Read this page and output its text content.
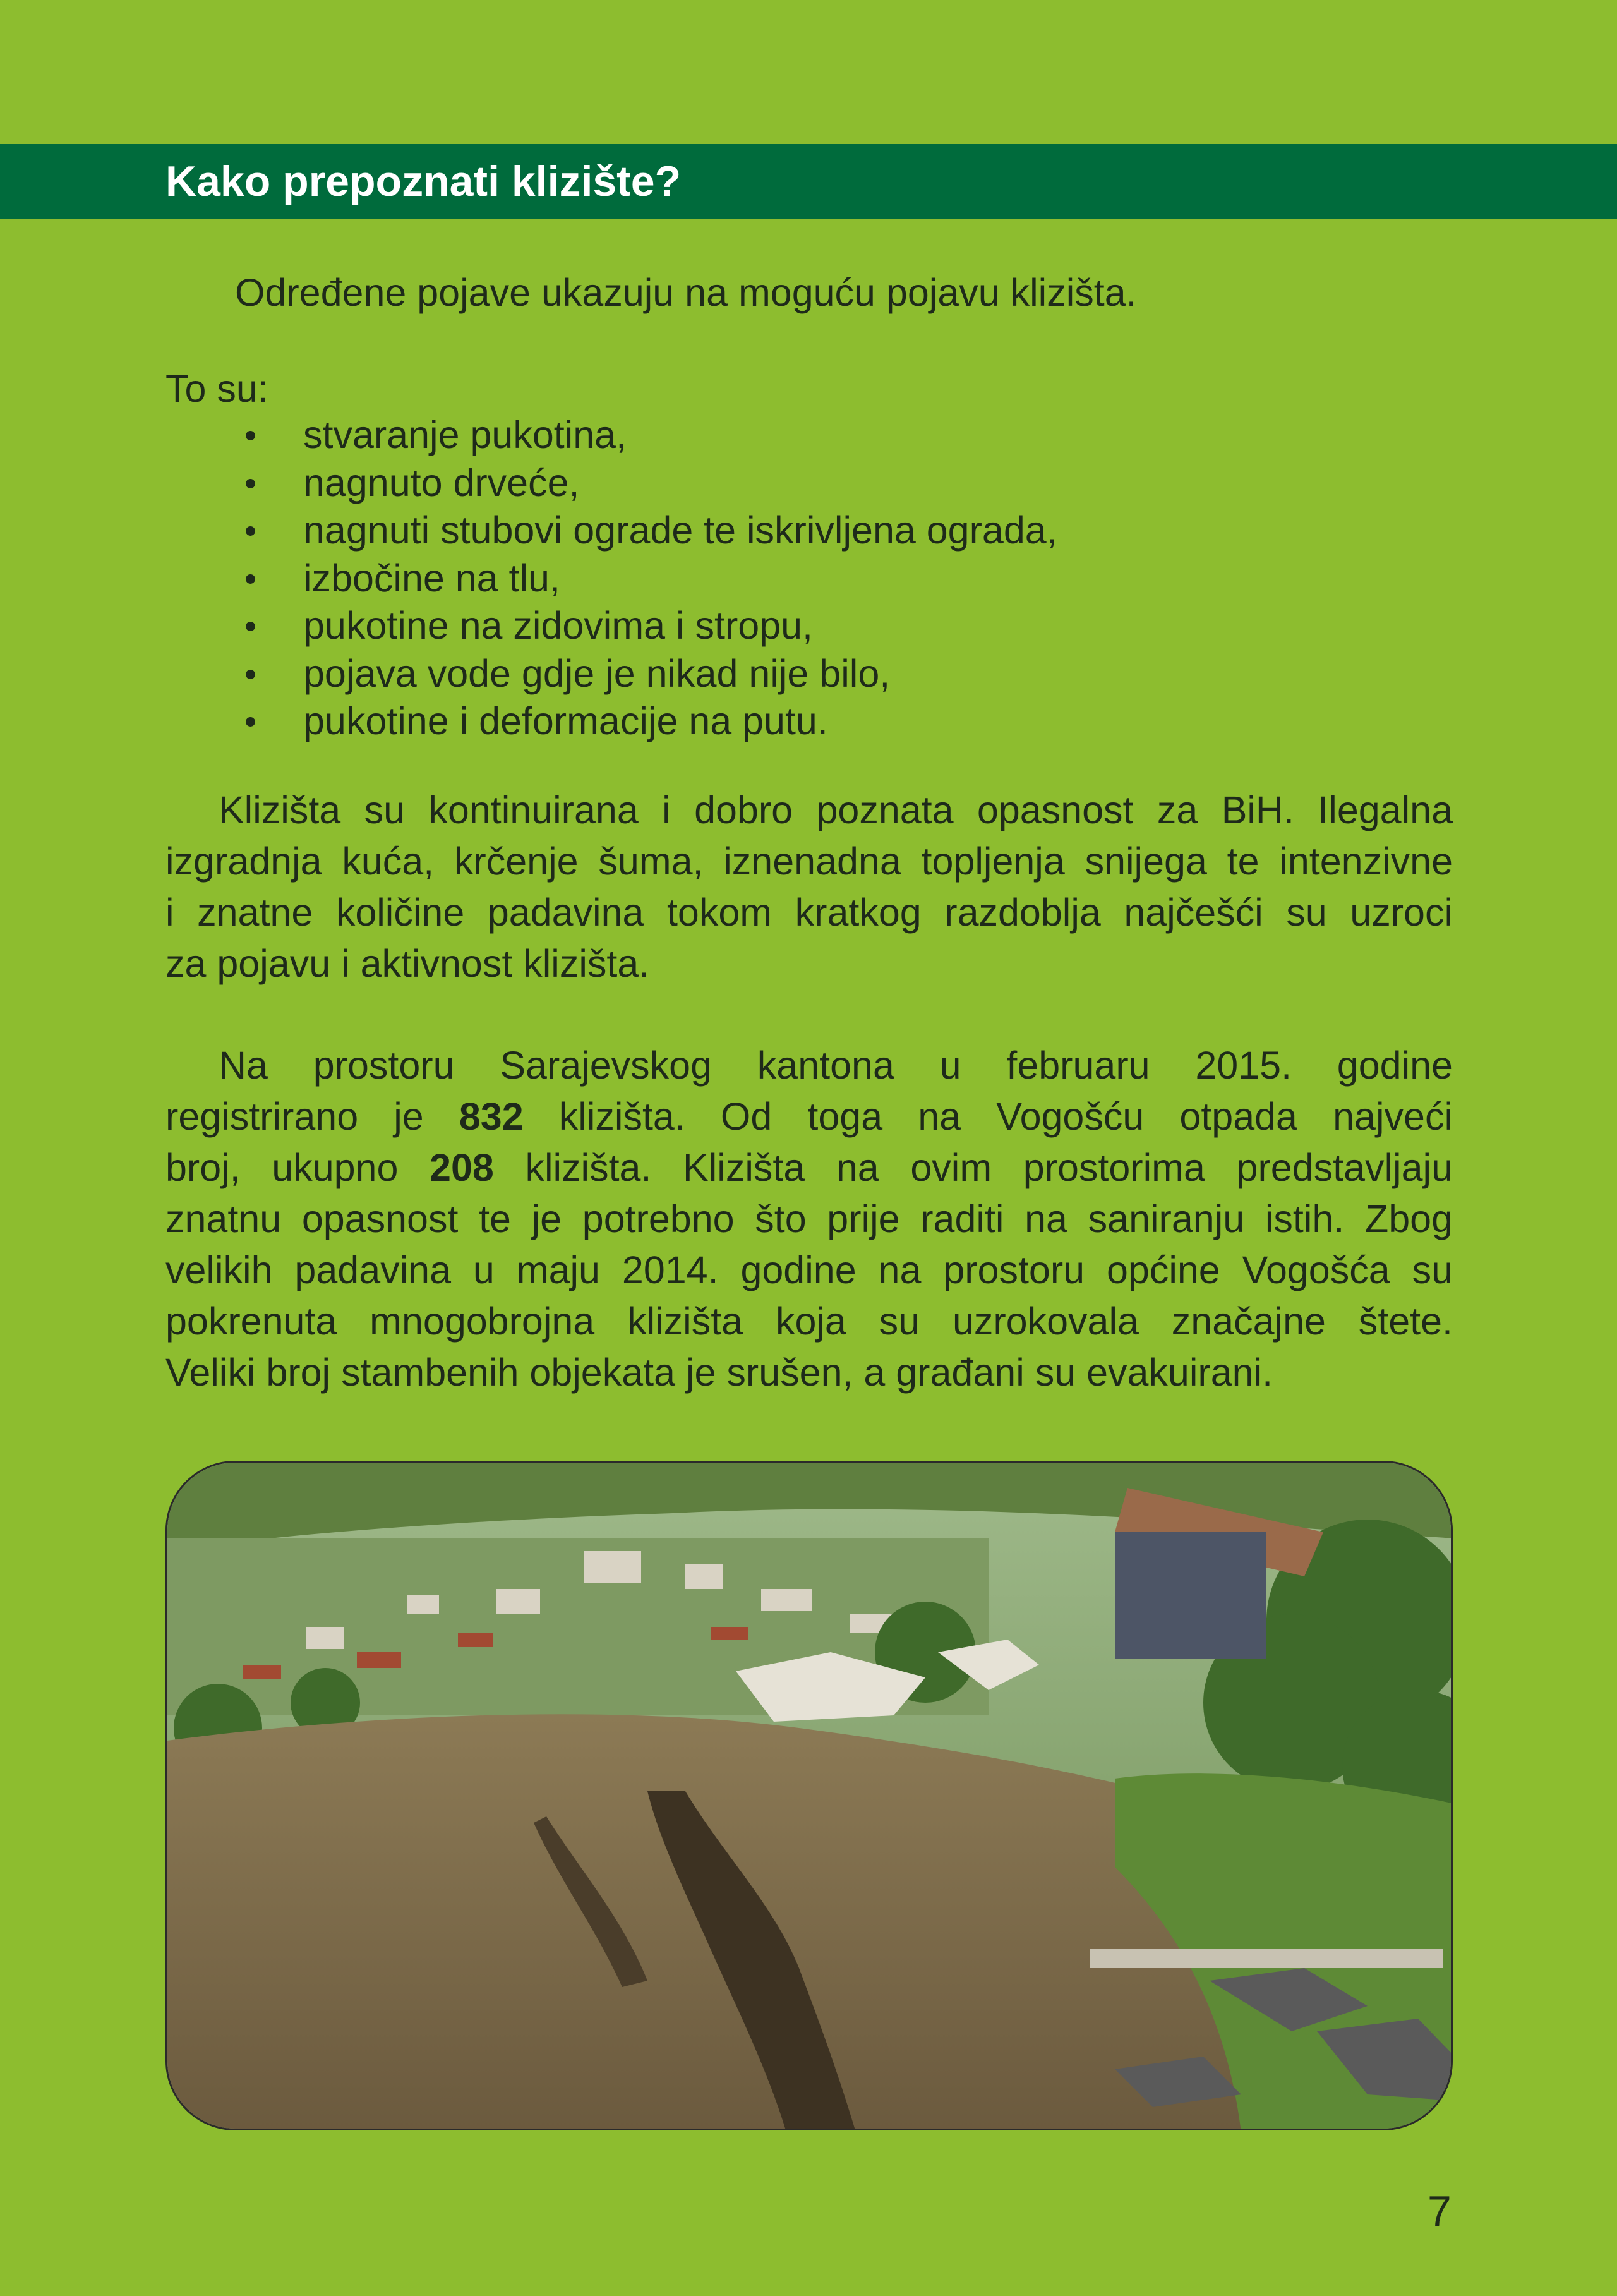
Kako prepoznati klizište?
Određene pojave ukazuju na moguću pojavu klizišta.
To su:
stvaranje pukotina,
nagnuto drveće,
nagnuti stubovi ograde te iskrivljena ograda,
izbočine na tlu,
pukotine na zidovima i stropu,
pojava vode gdje je nikad nije bilo,
pukotine i deformacije na putu.
Klizišta su kontinuirana i dobro poznata opasnost za BiH. Ilegalna
izgradnja kuća, krčenje šuma, iznenadna topljenja snijega te intenzivne
i znatne količine padavina tokom kratkog razdoblja najčešći su uzroci
za pojavu i aktivnost klizišta.
Na prostoru Sarajevskog kantona u februaru 2015. godine
registrirano je 832 klizišta. Od toga na Vogošću otpada najveći
broj, ukupno 208 klizišta. Klizišta na ovim prostorima predstavljaju
znatnu opasnost te je potrebno što prije raditi na saniranju istih. Zbog
velikih padavina u maju 2014. godine na prostoru općine Vogošća su
pokrenuta mnogobrojna klizišta koja su uzrokovala značajne štete.
Veliki broj stambenih objekata je srušen, a građani su evakuirani.
7
